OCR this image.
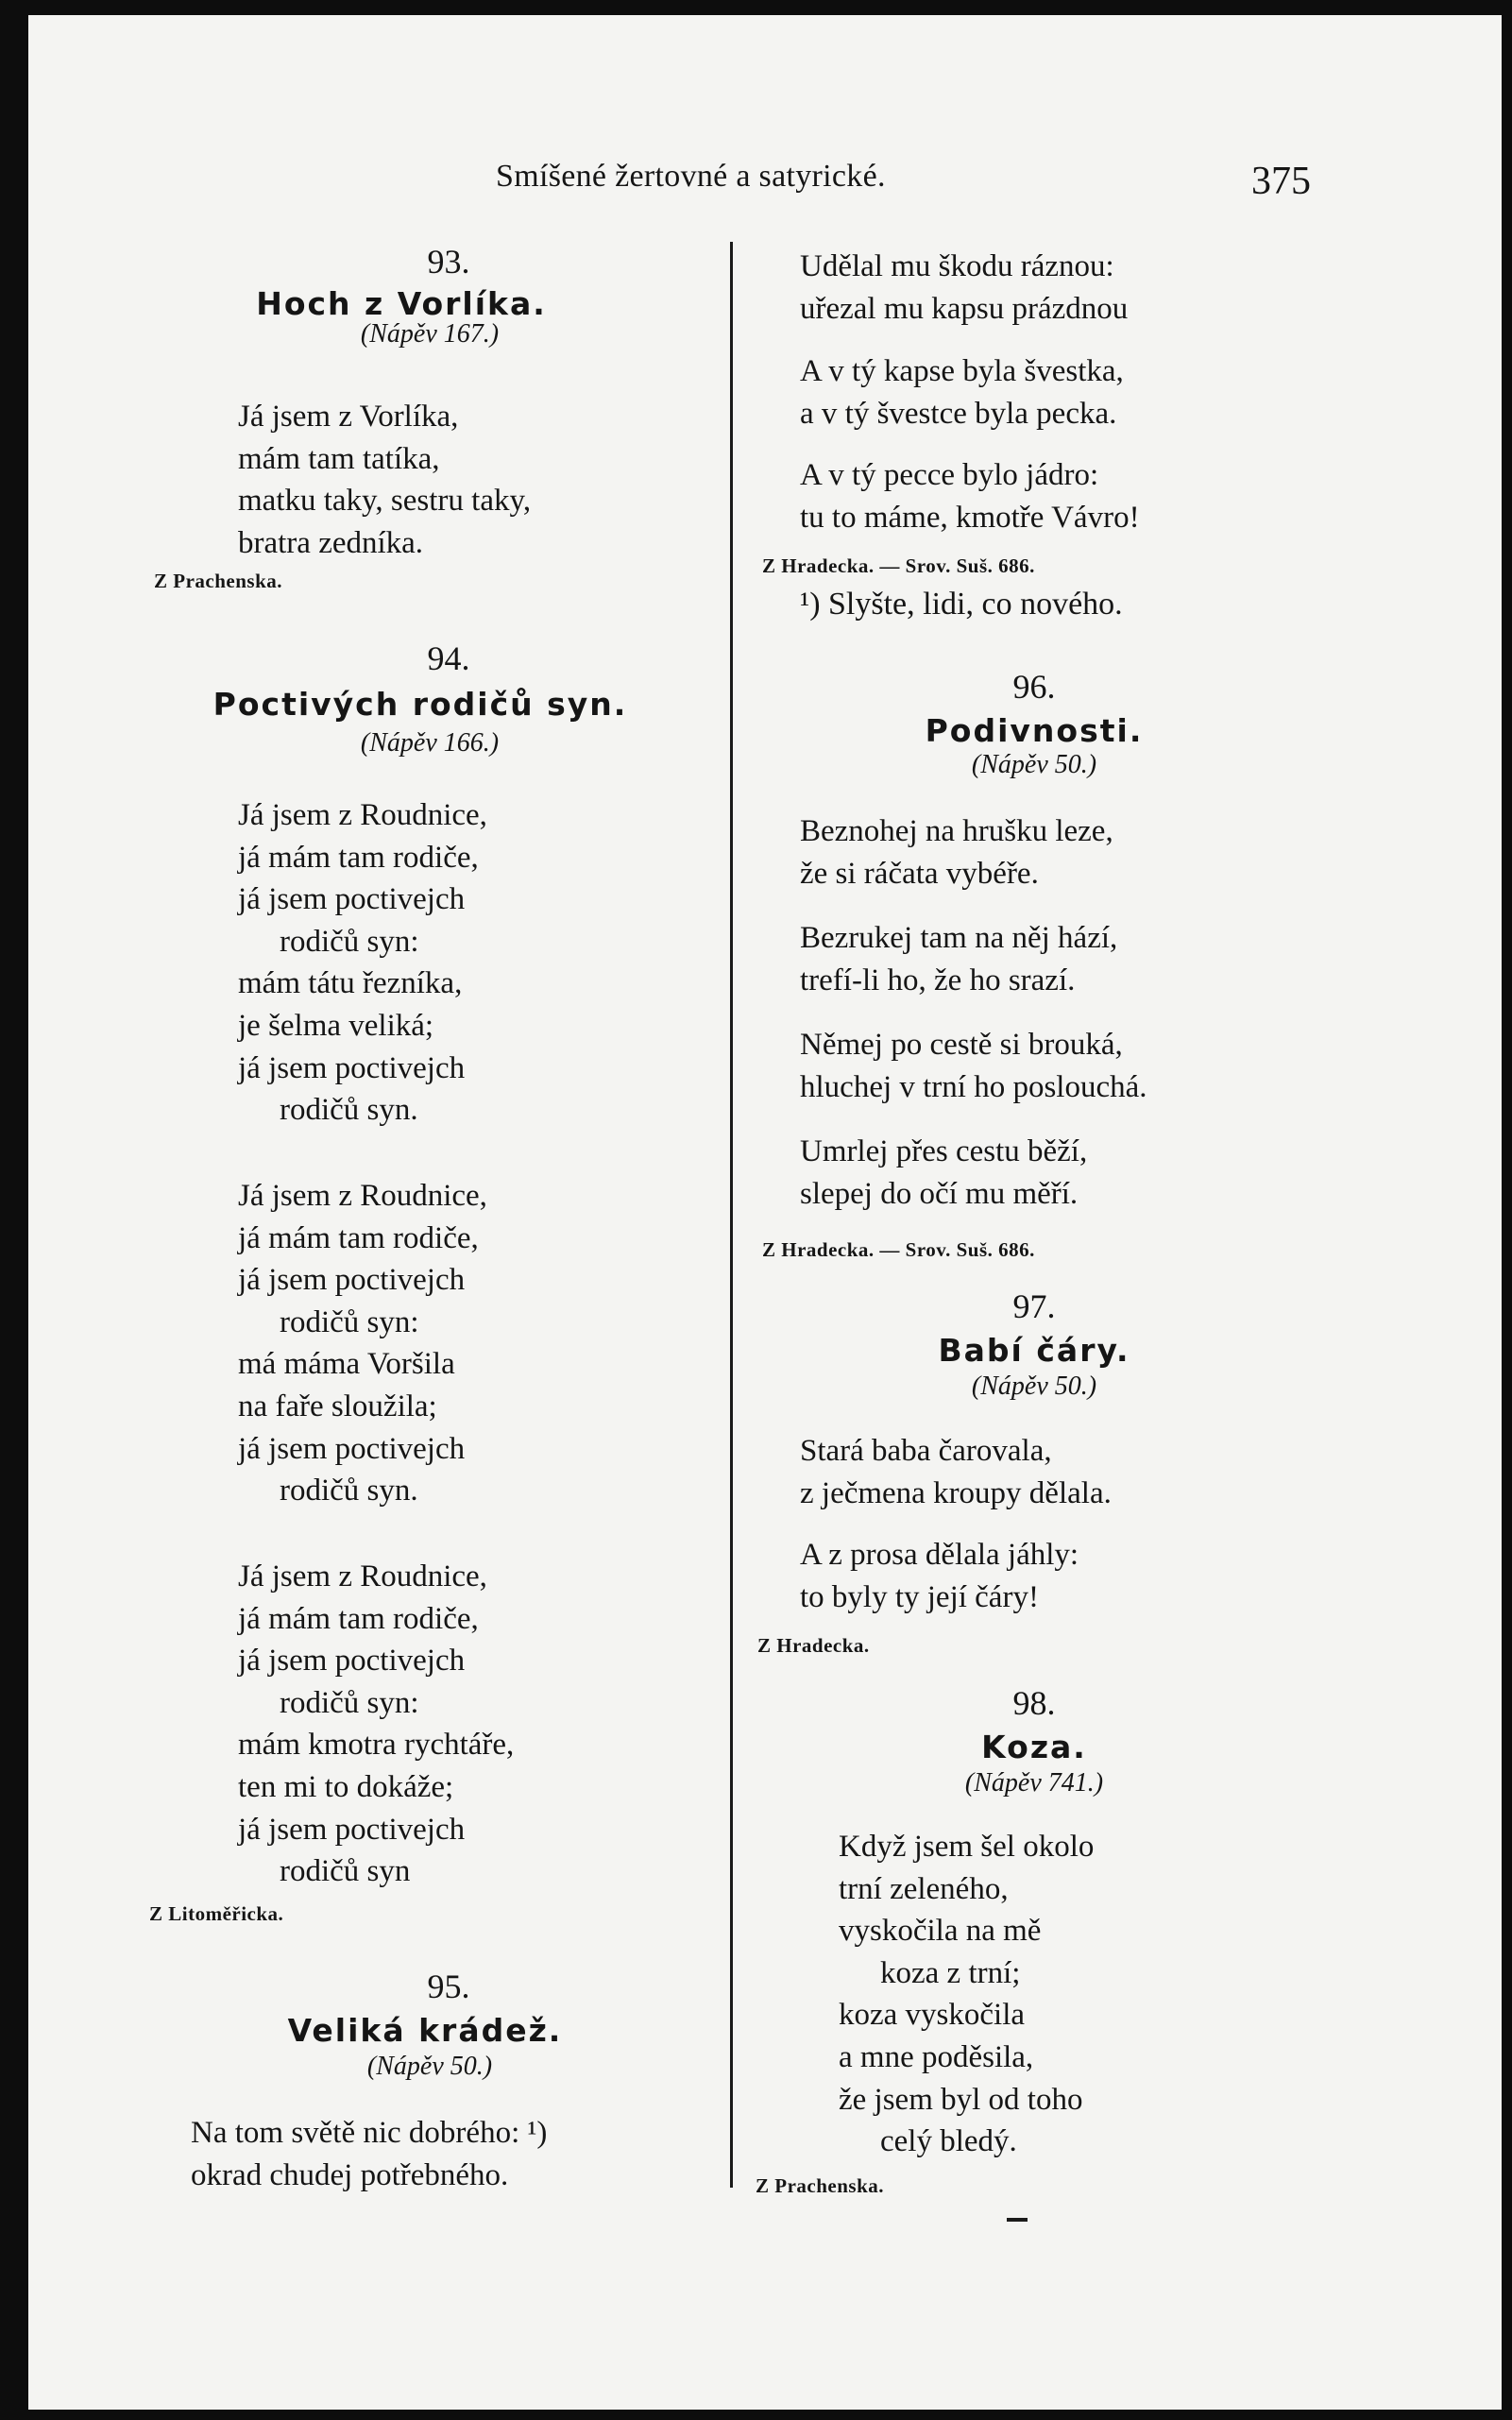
Smíšené žertovné a satyrické.	375
93.
Hoch z Vorlíka.
(Nápěv 167.)
Já jsem z Vorlíka,
mám tam tatíka,
matku taky, sestru taky,
bratra zedníka.
Z Prachenska.
94.
Poctivých rodičů syn.
(Nápěv 166.)
Já jsem z Roudnice,
já mám tam rodiče,
já jsem poctivejch
rodičů syn:
mám tátu řezníka,
je šelma veliká;
já jsem poctivejch
rodičů syn.
Já jsem z Roudnice,
já mám tam rodiče,
já jsem poctivejch
rodičů syn:
má máma Voršila
na faře sloužila;
já jsem poctivejch
rodičů syn.
Já jsem z Roudnice,
já mám tam rodiče,
já jsem poctivejch
rodičů syn:
mám kmotra rychtáře,
ten mi to dokáže;
já jsem poctivejch
rodičů syn
Z Litoměřicka.
95.
Veliká krádež.
(Nápěv 50.)
Na tom světě nic dobrého: ¹)
okrad chudej potřebného.
Udělal mu škodu ráznou:
uřezal mu kapsu prázdnou
A v tý kapse byla švestka,
a v tý švestce byla pecka.
A v tý pecce bylo jádro:
tu to máme, kmotře Vávro!
Z Hradecka. — Srov. Suš. 686.
¹) Slyšte, lidi, co nového.
96.
Podivnosti.
(Nápěv 50.)
Beznohej na hrušku leze,
že si ráčata vybéře.
Bezrukej tam na něj hází,
trefí-li ho, že ho srazí.
Němej po cestě si brouká,
hluchej v trní ho poslouchá.
Umrlej přes cestu běží,
slepej do očí mu měří.
Z Hradecka. — Srov. Suš. 686.
97.
Babí čáry.
(Nápěv 50.)
Stará baba čarovala,
z ječmena kroupy dělala.
A z prosa dělala jáhly:
to byly ty její čáry!
Z Hradecka.
98.
Koza.
(Nápěv 741.)
Když jsem šel okolo
trní zeleného,
vyskočila na mě
koza z trní;
koza vyskočila
a mne poděsila,
že jsem byl od toho
celý bledý.
Z Prachenska.
